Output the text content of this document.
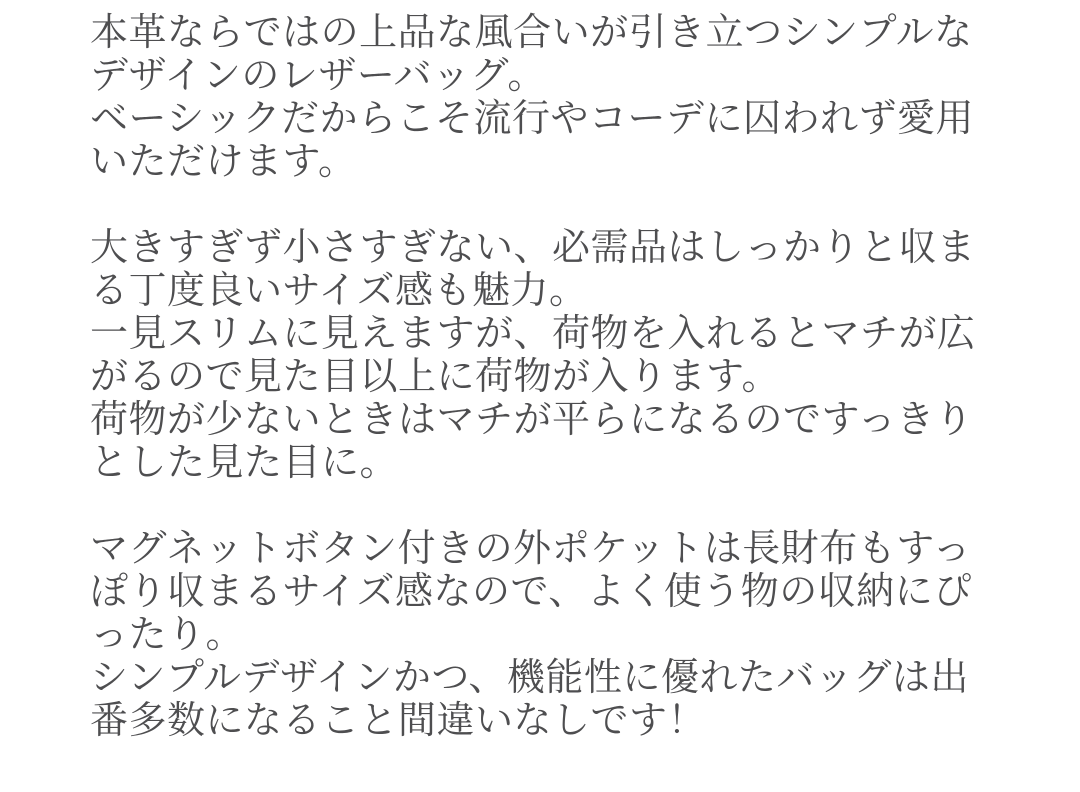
本革ならではの上品な風合いが引き立つシンプルな
デザインのレザーバッグ。
ベーシックだからこそ流行やコーデに囚われず愛用
いただけます。
大きすぎず小さすぎない、必需品はしっかりと収ま
る丁度良いサイズ感も魅力。
一見スリムに見えますが、荷物を入れるとマチが広
がるので見た目以上に荷物が入ります。
荷物が少ないときはマチが平らになるのですっきり
とした見た目に。
マグネットボタン付きの外ポケットは長財布もすっ
ぽり収まるサイズ感なので、よく使う物の収納にぴ
ったり。
シンプルデザインかつ、機能性に優れたバッグは出
番多数になること間違いなしです！
